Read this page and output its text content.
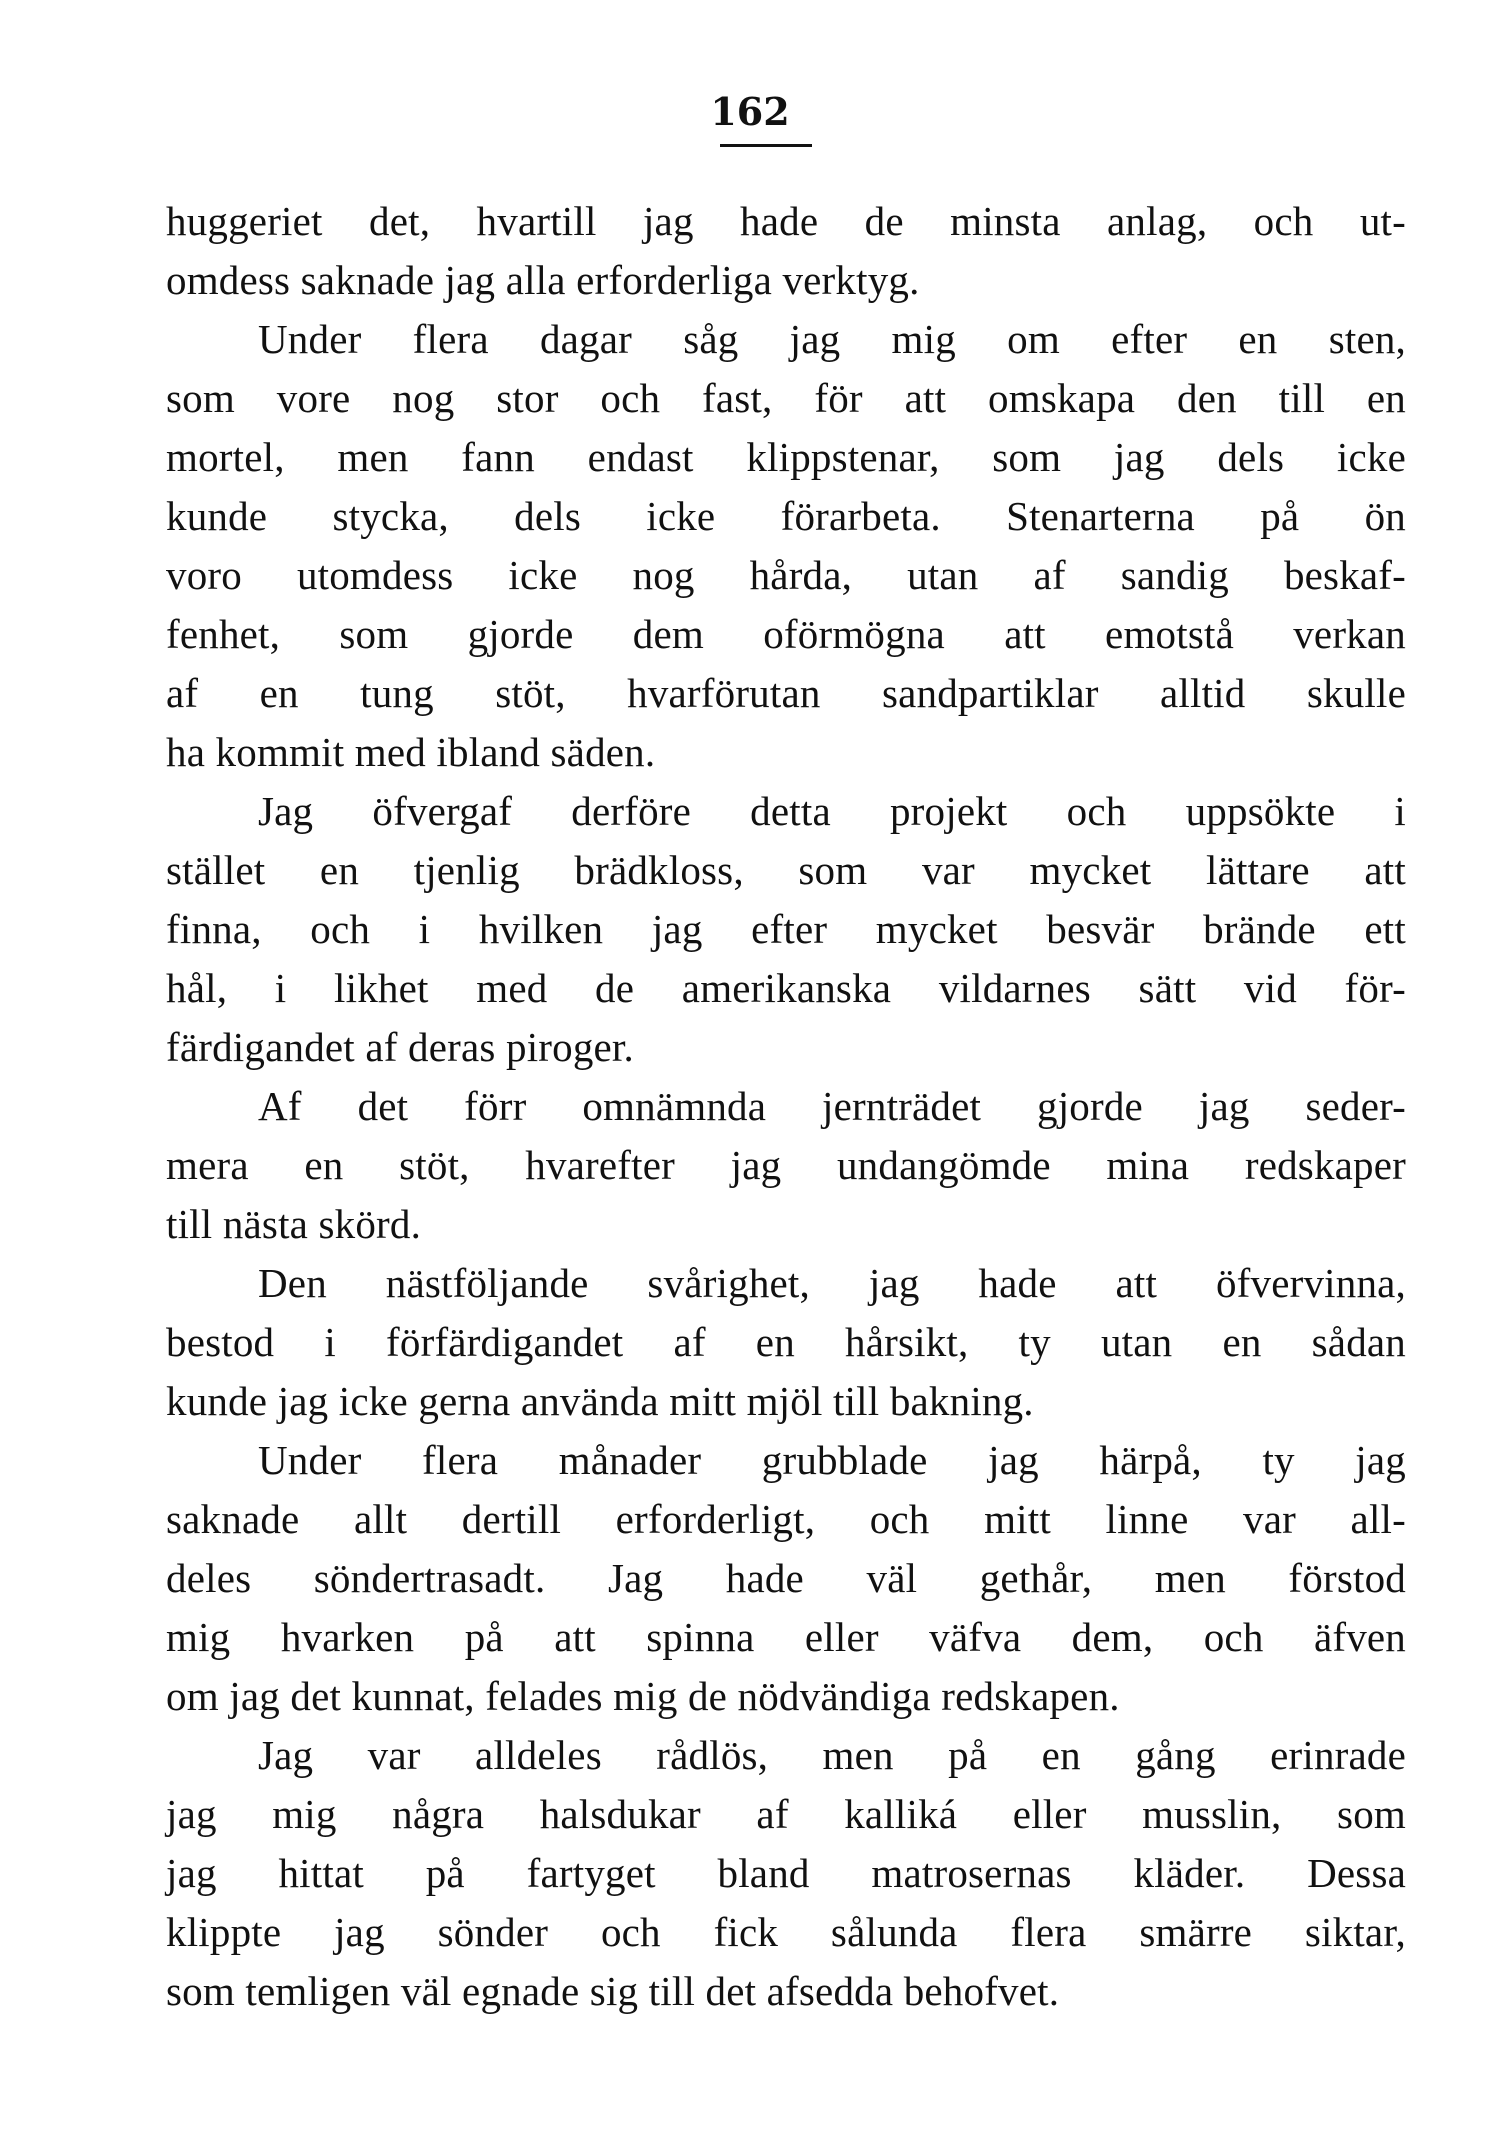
162
huggeriet det, hvartill jag hade de minsta anlag, och ut-
omdess saknade jag alla erforderliga verktyg.
Under flera dagar såg jag mig om efter en sten,
som vore nog stor och fast, för att omskapa den till en
mortel, men fann endast klippstenar, som jag dels icke
kunde stycka, dels icke förarbeta. Stenarterna på ön
voro utomdess icke nog hårda, utan af sandig beskaf-
fenhet, som gjorde dem oförmögna att emotstå verkan
af en tung stöt, hvarförutan sandpartiklar alltid skulle
ha kommit med ibland säden.
Jag öfvergaf derföre detta projekt och uppsökte i
stället en tjenlig brädkloss, som var mycket lättare att
finna, och i hvilken jag efter mycket besvär brände ett
hål, i likhet med de amerikanska vildarnes sätt vid för-
färdigandet af deras piroger.
Af det förr omnämnda jernträdet gjorde jag seder-
mera en stöt, hvarefter jag undangömde mina redskaper
till nästa skörd.
Den nästföljande svårighet, jag hade att öfvervinna,
bestod i förfärdigandet af en hårsikt, ty utan en sådan
kunde jag icke gerna använda mitt mjöl till bakning.
Under flera månader grubblade jag härpå, ty jag
saknade allt dertill erforderligt, och mitt linne var all-
deles söndertrasadt. Jag hade väl gethår, men förstod
mig hvarken på att spinna eller väfva dem, och äfven
om jag det kunnat, felades mig de nödvändiga redskapen.
Jag var alldeles rådlös, men på en gång erinrade
jag mig några halsdukar af kalliká eller musslin, som
jag hittat på fartyget bland matrosernas kläder. Dessa
klippte jag sönder och fick sålunda flera smärre siktar,
som temligen väl egnade sig till det afsedda behofvet.
